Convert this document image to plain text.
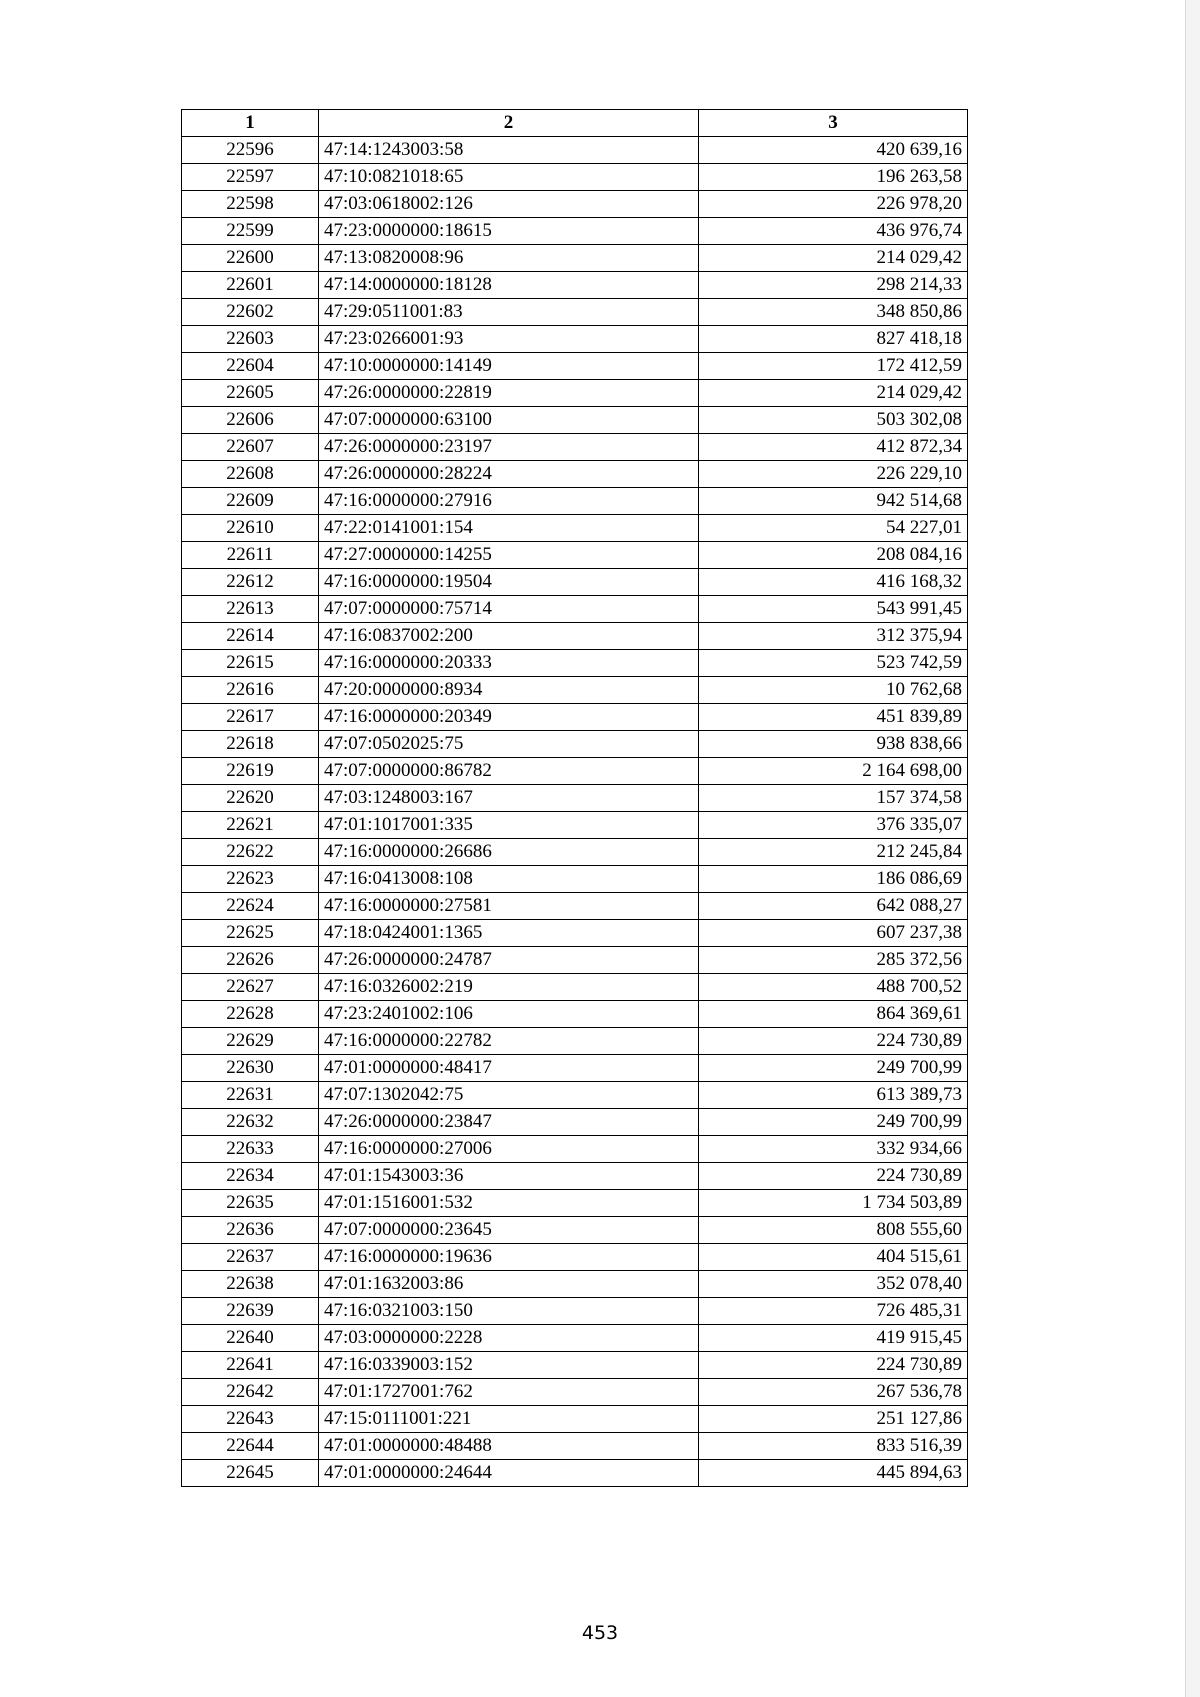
1	2	3
22596	47:14:1243003:58	420 639,16
22597	47:10:0821018:65	196 263,58
22598	47:03:0618002:126	226 978,20
22599	47:23:0000000:18615	436 976,74
22600	47:13:0820008:96	214 029,42
22601	47:14:0000000:18128	298 214,33
22602	47:29:0511001:83	348 850,86
22603	47:23:0266001:93	827 418,18
22604	47:10:0000000:14149	172 412,59
22605	47:26:0000000:22819	214 029,42
22606	47:07:0000000:63100	503 302,08
22607	47:26:0000000:23197	412 872,34
22608	47:26:0000000:28224	226 229,10
22609	47:16:0000000:27916	942 514,68
22610	47:22:0141001:154	54 227,01
22611	47:27:0000000:14255	208 084,16
22612	47:16:0000000:19504	416 168,32
22613	47:07:0000000:75714	543 991,45
22614	47:16:0837002:200	312 375,94
22615	47:16:0000000:20333	523 742,59
22616	47:20:0000000:8934	10 762,68
22617	47:16:0000000:20349	451 839,89
22618	47:07:0502025:75	938 838,66
22619	47:07:0000000:86782	2 164 698,00
22620	47:03:1248003:167	157 374,58
22621	47:01:1017001:335	376 335,07
22622	47:16:0000000:26686	212 245,84
22623	47:16:0413008:108	186 086,69
22624	47:16:0000000:27581	642 088,27
22625	47:18:0424001:1365	607 237,38
22626	47:26:0000000:24787	285 372,56
22627	47:16:0326002:219	488 700,52
22628	47:23:2401002:106	864 369,61
22629	47:16:0000000:22782	224 730,89
22630	47:01:0000000:48417	249 700,99
22631	47:07:1302042:75	613 389,73
22632	47:26:0000000:23847	249 700,99
22633	47:16:0000000:27006	332 934,66
22634	47:01:1543003:36	224 730,89
22635	47:01:1516001:532	1 734 503,89
22636	47:07:0000000:23645	808 555,60
22637	47:16:0000000:19636	404 515,61
22638	47:01:1632003:86	352 078,40
22639	47:16:0321003:150	726 485,31
22640	47:03:0000000:2228	419 915,45
22641	47:16:0339003:152	224 730,89
22642	47:01:1727001:762	267 536,78
22643	47:15:0111001:221	251 127,86
22644	47:01:0000000:48488	833 516,39
22645	47:01:0000000:24644	445 894,63
453
